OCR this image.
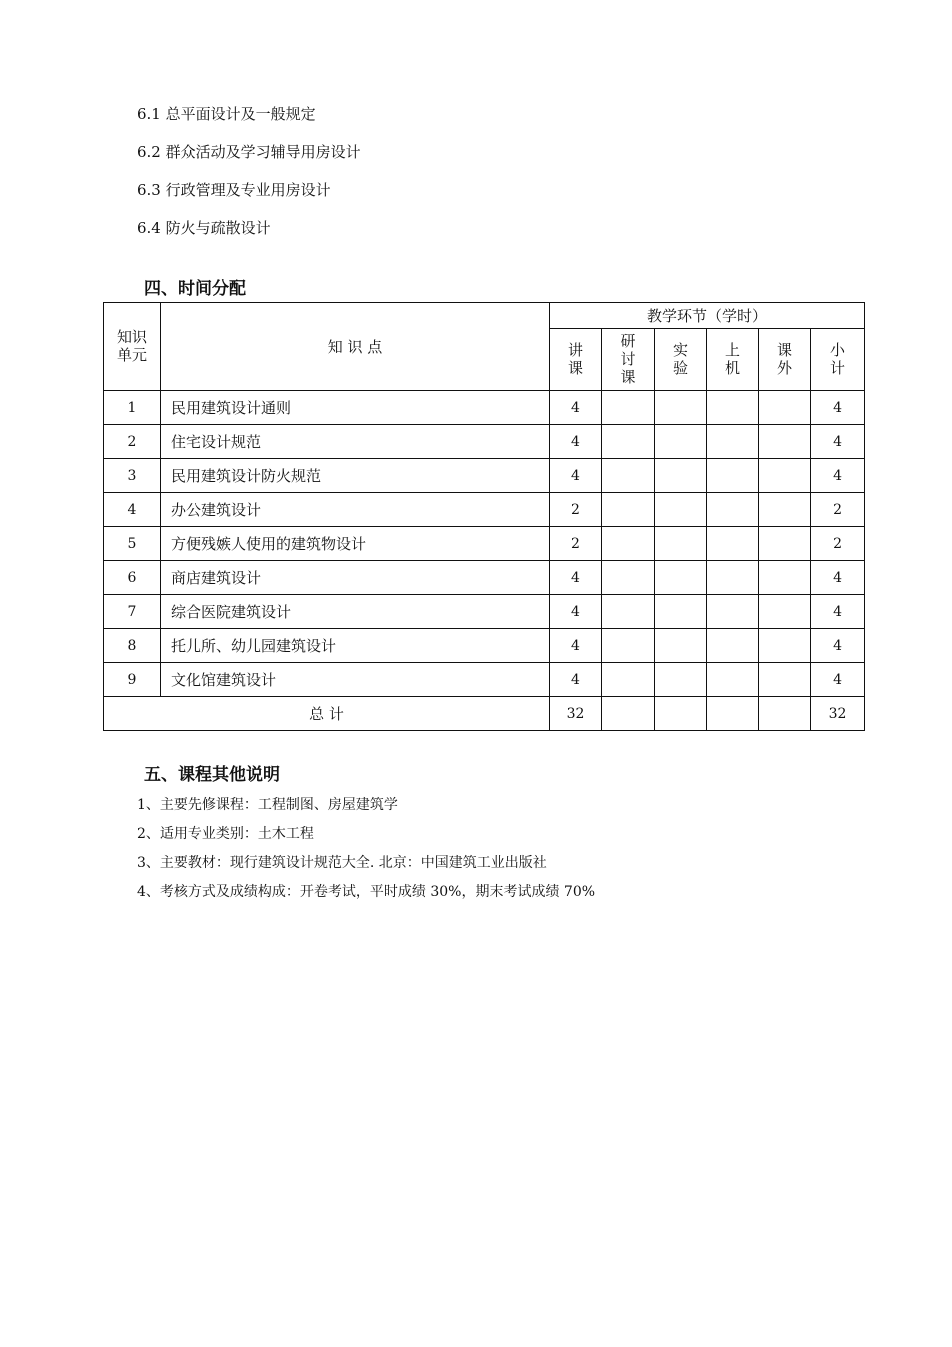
6.1 总平面设计及一般规定
6.2 群众活动及学习辅导用房设计
6.3 行政管理及专业用房设计
6.4 防火与疏散设计
四、时间分配
知识单元	知 识 点	教学环节（学时）					
		讲课	研讨课	实验	上机	课外	小计
1	民用建筑设计通则	4					4
2	住宅设计规范	4					4
3	民用建筑设计防火规范	4					4
4	办公建筑设计	2					2
5	方便残嫉人使用的建筑物设计	2					2
6	商店建筑设计	4					4
7	综合医院建筑设计	4					4
8	托儿所、幼儿园建筑设计	4					4
9	文化馆建筑设计	4					4
总 计		32					32
五、课程其他说明
1、主要先修课程：工程制图、房屋建筑学
2、适用专业类别：土木工程
3、主要教材：现行建筑设计规范大全. 北京：中国建筑工业出版社
4、考核方式及成绩构成：开卷考试，平时成绩 30%，期末考试成绩 70%
